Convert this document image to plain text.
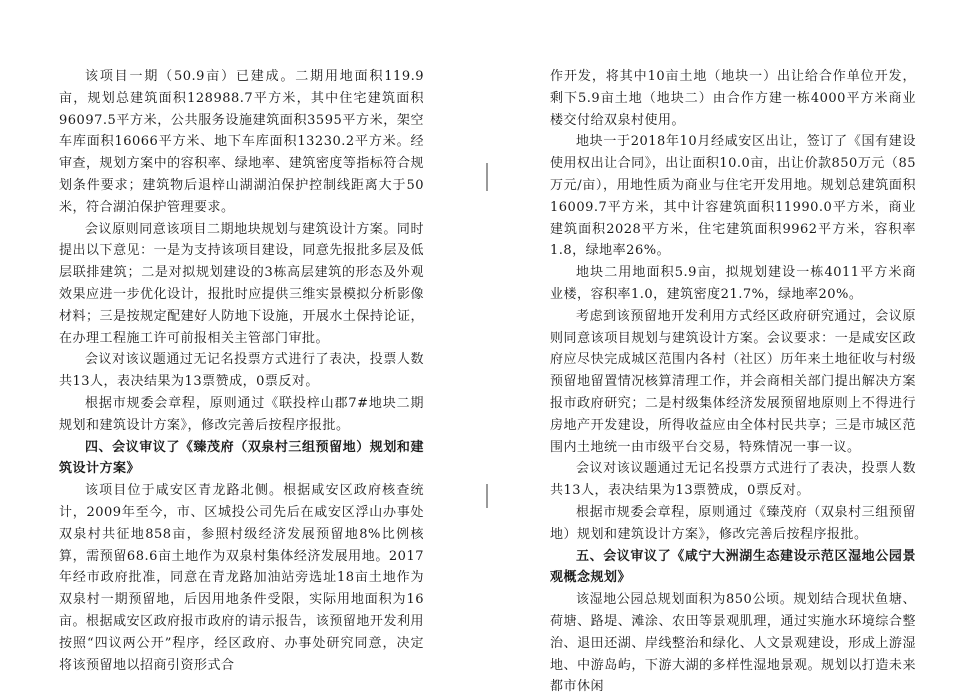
该项目一期（50.9亩）已建成。二期用地面积119.9亩，规划总建筑面积128988.7平方米，其中住宅建筑面积96097.5平方米，公共服务设施建筑面积3595平方米，架空车库面积16066平方米、地下车库面积13230.2平方米。经审查，规划方案中的容积率、绿地率、建筑密度等指标符合规划条件要求；建筑物后退梓山湖湖泊保护控制线距离大于50米，符合湖泊保护管理要求。

会议原则同意该项目二期地块规划与建筑设计方案。同时提出以下意见：一是为支持该项目建设，同意先报批多层及低层联排建筑；二是对拟规划建设的3栋高层建筑的形态及外观效果应进一步优化设计，报批时应提供三维实景模拟分析影像材料；三是按规定配建好人防地下设施，开展水土保持论证，在办理工程施工许可前报相关主管部门审批。

会议对该议题通过无记名投票方式进行了表决，投票人数共13人，表决结果为13票赞成，0票反对。

根据市规委会章程，原则通过《联投梓山郡7#地块二期规划和建筑设计方案》，修改完善后按程序报批。

四、会议审议了《臻茂府（双泉村三组预留地）规划和建筑设计方案》

该项目位于咸安区青龙路北侧。根据咸安区政府核查统计，2009年至今，市、区城投公司先后在咸安区浮山办事处双泉村共征地858亩，参照村级经济发展预留地8%比例核算，需预留68.6亩土地作为双泉村集体经济发展用地。2017年经市政府批准，同意在青龙路加油站旁选址18亩土地作为双泉村一期预留地，后因用地条件受限，实际用地面积为16亩。根据咸安区政府报市政府的请示报告，该预留地开发利用按照“四议两公开”程序，经区政府、办事处研究同意，决定将该预留地以招商引资形式合

作开发，将其中10亩土地（地块一）出让给合作单位开发，剩下5.9亩土地（地块二）由合作方建一栋4000平方米商业楼交付给双泉村使用。

地块一于2018年10月经咸安区出让，签订了《国有建设使用权出让合同》，出让面积10.0亩，出让价款850万元（85万元/亩），用地性质为商业与住宅开发用地。规划总建筑面积16009.7平方米，其中计容建筑面积11990.0平方米，商业建筑面积2028平方米，住宅建筑面积9962平方米，容积率1.8，绿地率26%。

地块二用地面积5.9亩，拟规划建设一栋4011平方米商业楼，容积率1.0，建筑密度21.7%，绿地率20%。

考虑到该预留地开发利用方式经区政府研究通过，会议原则同意该项目规划与建筑设计方案。会议要求：一是咸安区政府应尽快完成城区范围内各村（社区）历年来土地征收与村级预留地留置情况核算清理工作，并会商相关部门提出解决方案报市政府研究；二是村级集体经济发展预留地原则上不得进行房地产开发建设，所得收益应由全体村民共享；三是市城区范围内土地统一由市级平台交易，特殊情况一事一议。

会议对该议题通过无记名投票方式进行了表决，投票人数共13人，表决结果为13票赞成，0票反对。

根据市规委会章程，原则通过《臻茂府（双泉村三组预留地）规划和建筑设计方案》，修改完善后按程序报批。

五、会议审议了《咸宁大洲湖生态建设示范区湿地公园景观概念规划》

该湿地公园总规划面积为850公顷。规划结合现状鱼塘、荷塘、路堤、滩涂、农田等景观肌理，通过实施水环境综合整治、退田还湖、岸线整治和绿化、人文景观建设，形成上游湿地、中游岛屿，下游大湖的多样性湿地景观。规划以打造未来都市休闲
